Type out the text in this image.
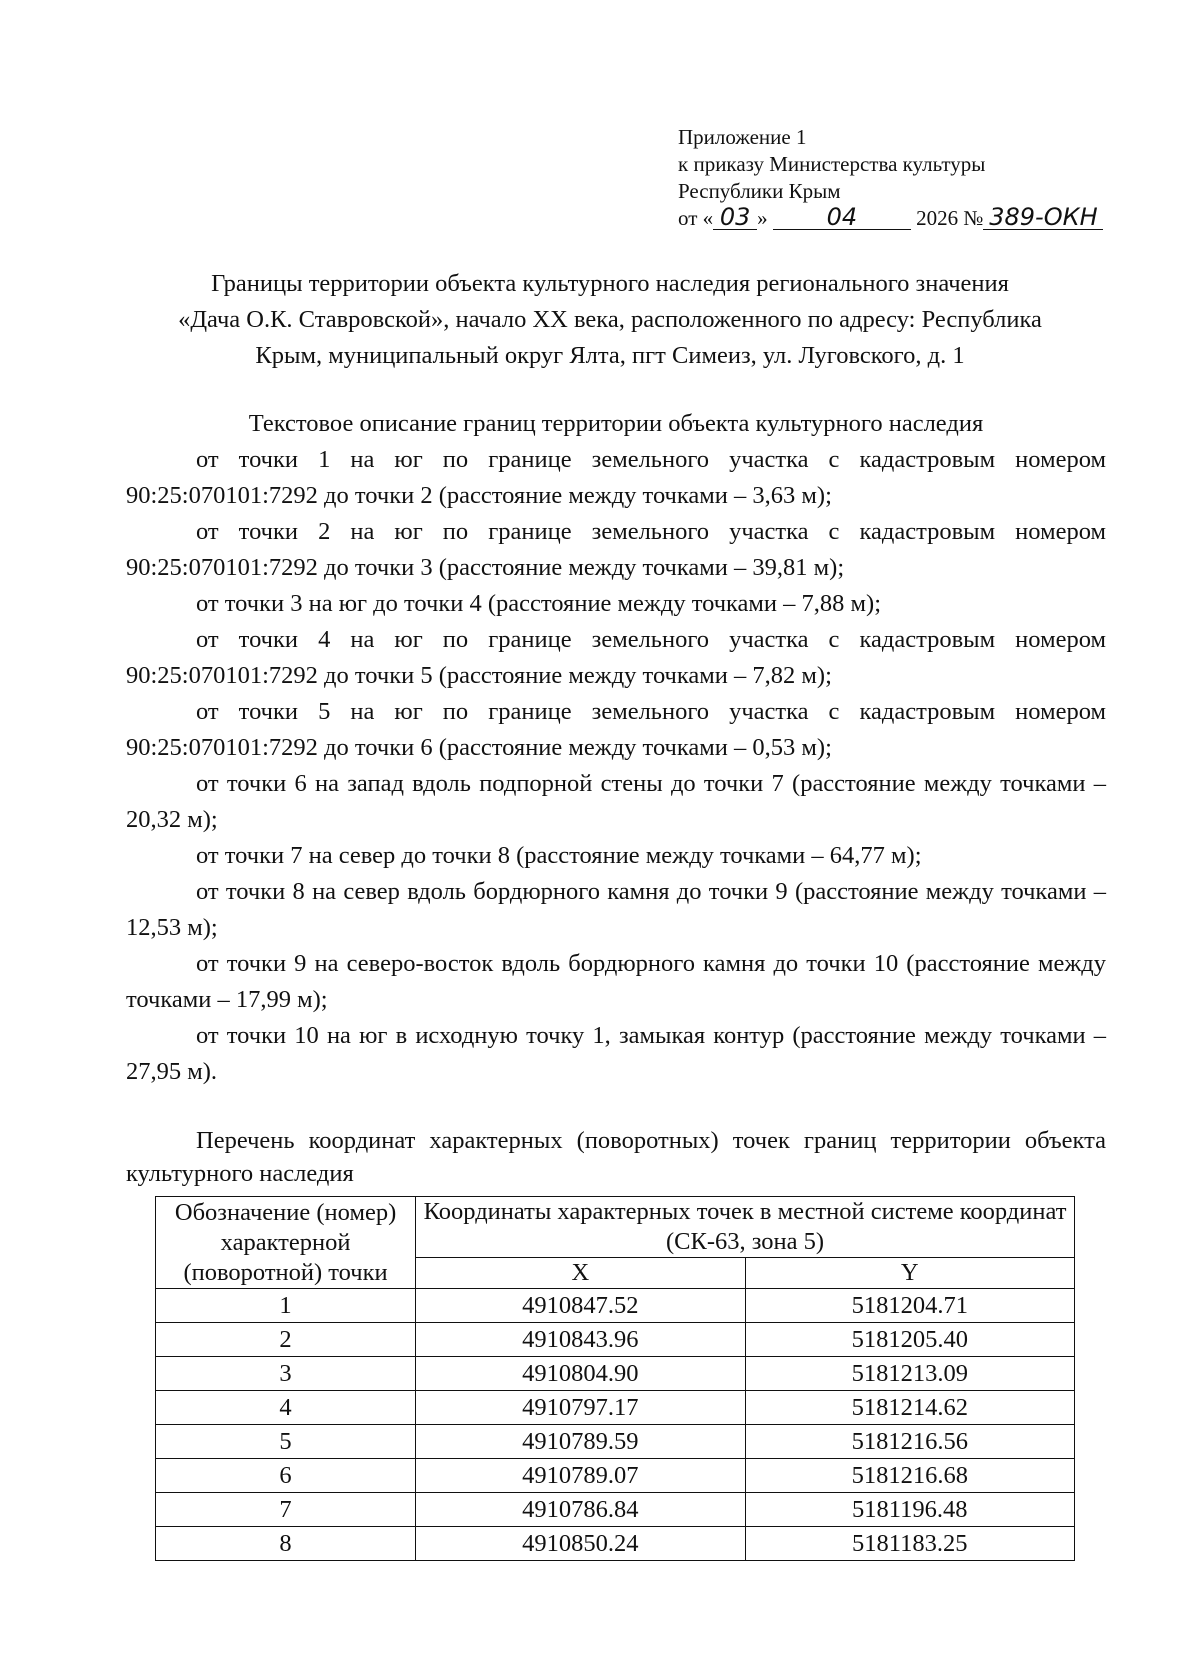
Приложение 1
к приказу Министерства культуры
Республики Крым
от « 03 » 04	2026 № 389-ОКН
Границы территории объекта культурного наследия регионального значения
«Дача О.К. Ставровской», начало XX века, расположенного по адресу: Республика
Крым, муниципальный округ Ялта, пгт Симеиз, ул. Луговского, д. 1

Текстовое описание границ территории объекта культурного наследия

от точки 1 на юг по границе земельного участка с кадастровым номером 90:25:070101:7292 до точки 2 (расстояние между точками – 3,63 м);

от точки 2 на юг по границе земельного участка с кадастровым номером 90:25:070101:7292 до точки 3 (расстояние между точками – 39,81 м);

от точки 3 на юг до точки 4 (расстояние между точками – 7,88 м);

от точки 4 на юг по границе земельного участка с кадастровым номером 90:25:070101:7292 до точки 5 (расстояние между точками – 7,82 м);

от точки 5 на юг по границе земельного участка с кадастровым номером 90:25:070101:7292 до точки 6 (расстояние между точками – 0,53 м);

от точки 6 на запад вдоль подпорной стены до точки 7 (расстояние между точками – 20,32 м);

от точки 7 на север до точки 8 (расстояние между точками – 64,77 м);

от точки 8 на север вдоль бордюрного камня до точки 9 (расстояние между точками – 12,53 м);

от точки 9 на северо-восток вдоль бордюрного камня до точки 10 (расстояние между точками – 17,99 м);

от точки 10 на юг в исходную точку 1, замыкая контур (расстояние между точками – 27,95 м).

Перечень координат характерных (поворотных) точек границ территории объекта культурного наследия
Обозначение (номер) характерной (поворотной) точки	Координаты характерных точек в местной системе координат (СК-63, зона 5)	
	X	Y
1	4910847.52	5181204.71
2	4910843.96	5181205.40
3	4910804.90	5181213.09
4	4910797.17	5181214.62
5	4910789.59	5181216.56
6	4910789.07	5181216.68
7	4910786.84	5181196.48
8	4910850.24	5181183.25
